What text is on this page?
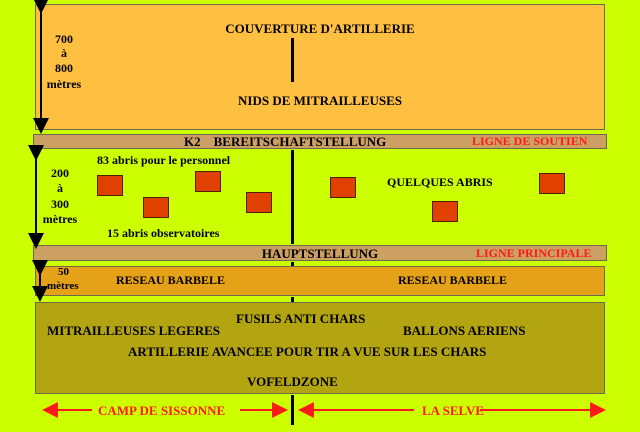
COUVERTURE D'ARTILLERIE
NIDS DE MITRAILLEUSES
700
à
800
mètres
K2    BEREITSCHAFTSTELLUNG	LIGNE DE SOUTIEN
200
à
300
mètres
83 abris pour le personnel
15 abris observatoires
QUELQUES ABRIS
HAUPTSTELLUNG	LIGNE PRINCIPALE
50
mètres	RESEAU BARBELE	RESEAU BARBELE
FUSILS ANTI CHARS
MITRAILLEUSES LEGERES	BALLONS AERIENS
ARTILLERIE AVANCEE POUR TIR A VUE SUR LES CHARS
VOFELDZONE
CAMP DE SISSONNE	LA SELVE
